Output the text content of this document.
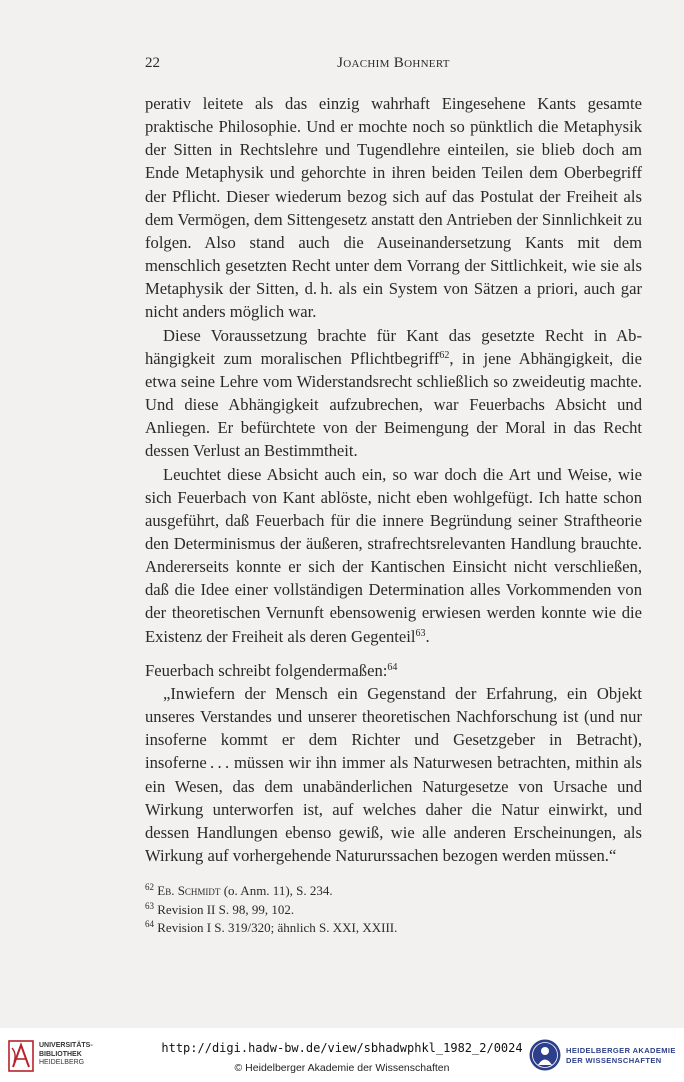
22	Joachim Bohnert

perativ leitete als das einzig wahrhaft Eingesehene Kants gesamte praktische Philosophie. Und er mochte noch so pünktlich die Metaphysik der Sitten in Rechtslehre und Tugendlehre einteilen, sie blieb doch am Ende Metaphysik und gehorchte in ihren beiden Teilen dem Oberbegriff der Pflicht. Dieser wiederum bezog sich auf das Postulat der Freiheit als dem Vermögen, dem Sittengesetz anstatt den Antrieben der Sinnlichkeit zu folgen. Also stand auch die Auseinandersetzung Kants mit dem menschlich gesetzten Recht unter dem Vorrang der Sittlichkeit, wie sie als Metaphysik der Sitten, d. h. als ein System von Sätzen a priori, auch gar nicht anders möglich war.

Diese Voraussetzung brachte für Kant das gesetzte Recht in Abhängigkeit zum moralischen Pflichtbegriff$^{62}$, in jene Abhängigkeit, die etwa seine Lehre vom Widerstandsrecht schließlich so zweideutig machte. Und diese Abhängigkeit aufzubrechen, war Feuerbachs Absicht und Anliegen. Er befürchtete von der Beimengung der Moral in das Recht dessen Verlust an Bestimmtheit.

Leuchtet diese Absicht auch ein, so war doch die Art und Weise, wie sich Feuerbach von Kant ablöste, nicht eben wohlgefügt. Ich hatte schon ausgeführt, daß Feuerbach für die innere Begründung seiner Straftheorie den Determinismus der äußeren, strafrechtsrelevanten Handlung brauchte. Andererseits konnte er sich der Kantischen Einsicht nicht verschließen, daß die Idee einer vollständigen Determination alles Vorkommenden von der theoretischen Vernunft ebensowenig erwiesen werden konnte wie die Existenz der Freiheit als deren Gegenteil$^{63}$.

Feuerbach schreibt folgendermaßen:$^{64}$

„Inwiefern der Mensch ein Gegenstand der Erfahrung, ein Objekt unseres Verstandes und unserer theoretischen Nachforschung ist (und nur insoferne kommt er dem Richter und Gesetzgeber in Betracht), insoferne . . . müssen wir ihn immer als Naturwesen betrachten, mithin als ein Wesen, das dem unabänderlichen Naturgesetze von Ursache und Wirkung unterworfen ist, auf welches daher die Natur einwirkt, und dessen Handlungen ebenso gewiß, wie alle anderen Erscheinungen, als Wirkung auf vorhergehende Natururssachen bezogen werden müssen.“

$^{62}$ Eb. Schmidt (o. Anm. 11), S. 234.

$^{63}$ Revision II S. 98, 99, 102.

$^{64}$ Revision I S. 319/320; ähnlich S. XXI, XXIII.

UNIVERSITÄTS-
BIBLIOTHEK
HEIDELBERG
http://digi.hadw-bw.de/view/sbhadwphkl_1982_2/0024
© Heidelberger Akademie der Wissenschaften
HEIDELBERGER AKADEMIE
DER WISSENSCHAFTEN
